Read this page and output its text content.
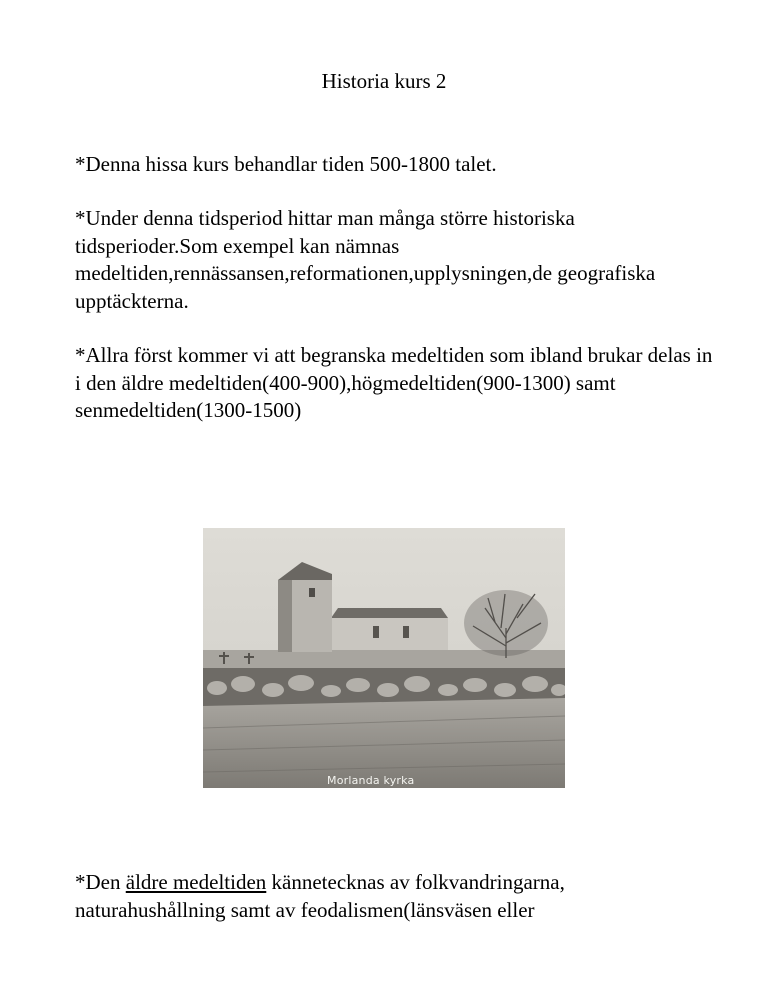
Historia kurs 2

*Denna hissa kurs behandlar tiden 500-1800 talet.

*Under denna tidsperiod hittar man många större historiska tidsperioder.Som exempel kan nämnas medeltiden,rennässansen,reformationen,upplysningen,de geografiska upptäckterna.

*Allra först kommer vi att begranska medeltiden som ibland brukar delas in i den äldre medeltiden(400-900),högmedeltiden(900-1300) samt senmedeltiden(1300-1500)

Morlanda kyrka

*Den äldre medeltiden kännetecknas av folkvandringarna, naturahushållning samt av feodalismen(länsväsen eller
